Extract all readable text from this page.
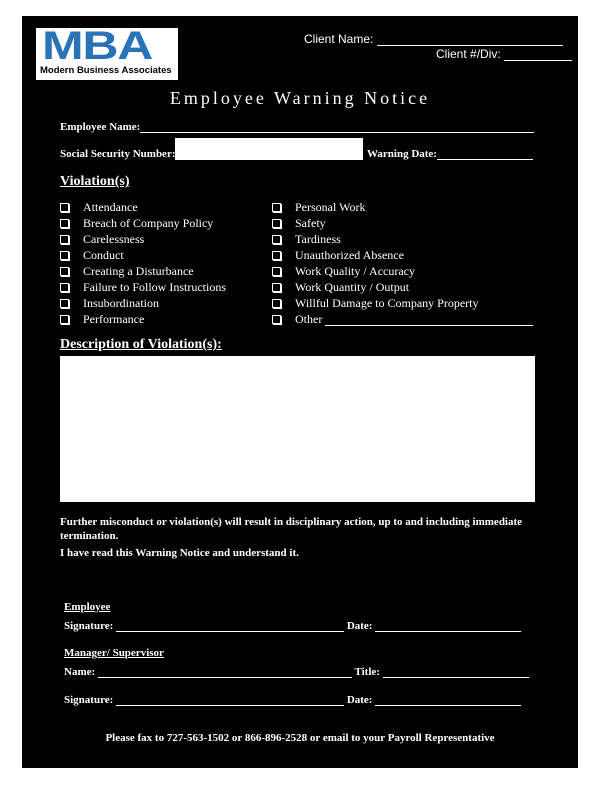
MBA
Modern Business Associates
Client Name:
Client #/Div:
Employee Warning Notice
Employee Name:
Social Security Number:	Warning Date:
Violation(s)
Attendance
Breach of Company Policy
Carelessness
Conduct
Creating a Disturbance
Failure to Follow Instructions
Insubordination
Performance
Personal Work
Safety
Tardiness
Unauthorized Absence
Work Quality / Accuracy
Work Quantity / Output
Willful Damage to Company Property
Other

Description of Violation(s):
Further misconduct or violation(s) will result in disciplinary action, up to and including immediate termination.
I have read this Warning Notice and understand it.
Employee
Signature:	Date:
Manager/ Supervisor
Name:	Title:
Signature:	Date:
Please fax to 727-563-1502 or 866-896-2528 or email to your Payroll Representative
